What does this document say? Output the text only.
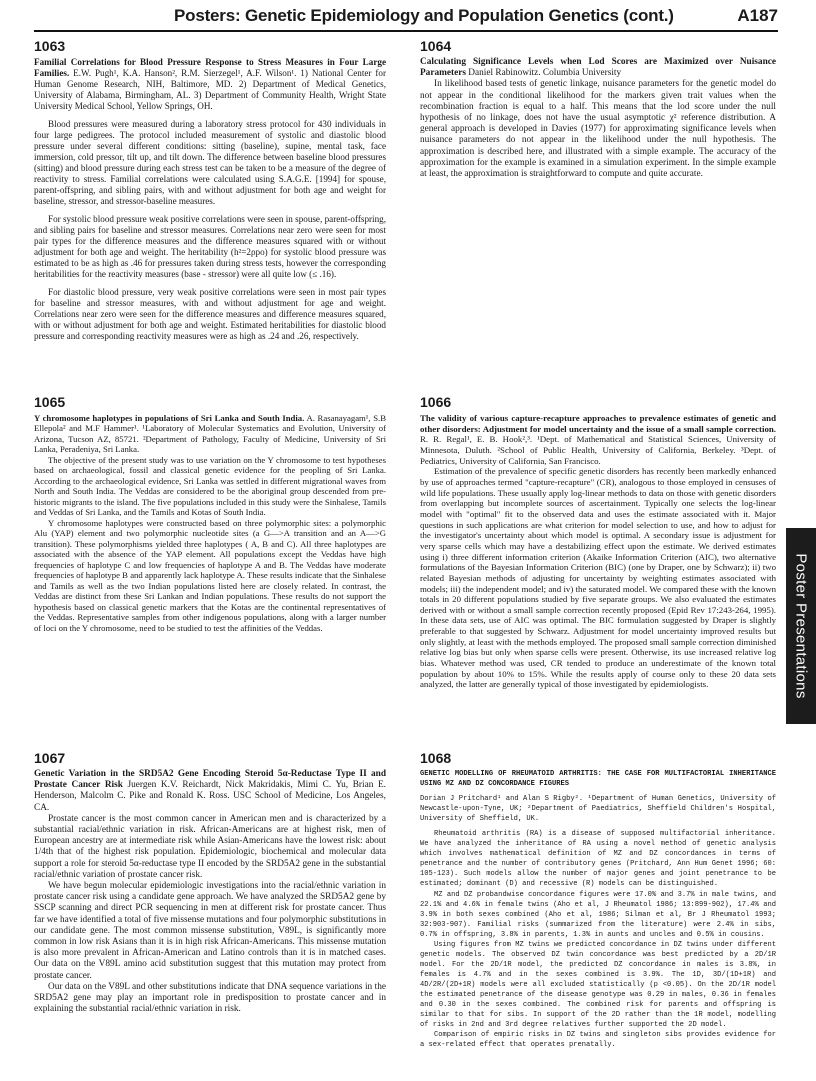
Posters: Genetic Epidemiology and Population Genetics (cont.)	A187
1063
Familial Correlations for Blood Pressure Response to Stress Measures in Four Large Families. E.W. Pugh¹, K.A. Hanson², R.M. Sierzegel¹, A.F. Wilson¹. 1) National Center for Human Genome Research, NIH, Baltimore, MD. 2) Department of Medical Genetics, University of Alabama, Birmingham, AL. 3) Department of Community Health, Wright State University Medical School, Yellow Springs, OH.

Blood pressures were measured during a laboratory stress protocol for 430 individuals in four large pedigrees. The protocol included measurement of systolic and diastolic blood pressure under several different conditions: sitting (baseline), supine, mental task, face immersion, cold pressor, tilt up, and tilt down. The difference between baseline blood pressures (sitting) and blood pressure during each stress test can be taken to be a measure of the degree of reactivity to stress. Familial correlations were calculated using S.A.G.E. [1994] for spouse, parent-offspring, and sibling pairs, with and without adjustment for both age and weight for baseline, stressor, and stressor-baseline measures.

For systolic blood pressure weak positive correlations were seen in spouse, parent-offspring, and sibling pairs for baseline and stressor measures. Correlations near zero were seen for most pair types for the difference measures and the difference measures squared with or without adjustment for both age and weight. The heritability (h²=2ρpo) for systolic blood pressure was estimated to be as high as .46 for pressures taken during stress tests, however the corresponding heritabilities for the reactivity measures (base - stressor) were all quite low (≤ .16).

For diastolic blood pressure, very weak positive correlations were seen in most pair types for baseline and stressor measures, with and without adjustment for age and weight. Correlations near zero were seen for the difference measures and difference measures squared, with or without adjustment for both age and weight. Estimated heritabilities for diastolic blood pressure and corresponding reactivity measures were as high as .24 and .26, respectively.

1064
Calculating Significance Levels when Lod Scores are Maximized over Nuisance Parameters Daniel Rabinowitz. Columbia University

In likelihood based tests of genetic linkage, nuisance parameters for the genetic model do not appear in the conditional likelihood for the markers given trait values when the recombination fraction is equal to a half. This means that the lod score under the null hypothesis of no linkage, does not have the usual asymptotic χ² reference distribution. A general approach is developed in Davies (1977) for approximating significance levels when nuisance parameters do not appear in the likelihood under the null hypothesis. The approximation is described here, and illustrated with a simple example. The accuracy of the approximation for the example is examined in a simulation experiment. In the simple example at least, the approximation is straightforward to compute and quite accurate.

1065
Y chromosome haplotypes in populations of Sri Lanka and South India. A. Rasanayagam¹, S.B Ellepola² and M.F Hammer¹. ¹Laboratory of Molecular Systematics and Evolution, University of Arizona, Tucson AZ, 85721. ²Department of Pathology, Faculty of Medicine, University of Sri Lanka, Peradeniya, Sri Lanka.

The objective of the present study was to use variation on the Y chromosome to test hypotheses based on archaeological, fossil and classical genetic evidence for the peopling of Sri Lanka. According to the archaeological evidence, Sri Lanka was settled in different migrational waves from North and South India. The Veddas are considered to be the aboriginal group descended from pre-historic migrants to the island. The five populations included in this study were the Sinhalese, Tamils and Veddas of Sri Lanka, and the Tamils and Kotas of South India.

Y chromosome haplotypes were constructed based on three polymorphic sites: a polymorphic Alu (YAP) element and two polymorphic nucleotide sites (a G—>A transition and an A—>G transition). These polymorphisms yielded three haplotypes ( A, B and C). All three haplotypes are associated with the absence of the YAP element. All populations except the Veddas have high frequencies of haplotype C and low frequencies of haplotype A and B. The Veddas have moderate frequencies of haplotype B and apparently lack haplotype A. These results indicate that the Sinhalese and Tamils as well as the two Indian populations listed here are closely related. In contrast, the Veddas are distinct from these Sri Lankan and Indian populations. These results do not support the hypothesis based on classical genetic markers that the Kotas are the continental representatives of the Veddas. Representative samples from other indigenous populations, along with a larger number of loci on the Y chromosome, need to be studied to test the affinities of the Veddas.

1066
The validity of various capture-recapture approaches to prevalence estimates of genetic and other disorders: Adjustment for model uncertainty and the issue of a small sample correction. R. R. Regal¹, E. B. Hook²,³. ¹Dept. of Mathematical and Statistical Sciences, University of Minnesota, Duluth. ²School of Public Health, University of California, Berkeley. ³Dept. of Pediatrics, University of California, San Francisco.

Estimation of the prevalence of specific genetic disorders has recently been markedly enhanced by use of approaches termed "capture-recapture" (CR), analogous to those employed in censuses of wild life populations. These usually apply log-linear methods to data on those with genetic disorders from overlapping but incomplete sources of ascertainment. Typically one selects the log-linear model with "optimal" fit to the observed data and uses the estimate associated with it. Major questions in such applications are what criterion for model selection to use, and how to adjust for the investigator's uncertainty about which model is optimal. A secondary issue is adjustment for very sparse cells which may have a destabilizing effect upon the estimate. We derived estimates using i) three different information criterion (Akaike Information Criterion (AIC), two alternative formulations of the Bayesian Information Criterion (BIC) (one by Draper, one by Schwarz); ii) two related Bayesian methods of adjusting for uncertainty by weighting estimates associated with models; iii) the independent model; and iv) the saturated model. We compared these with the known totals in 20 different populations studied by five separate groups. We also evaluated the estimates derived with or without a small sample correction recently proposed (Epid Rev 17:243-264, 1995). In these data sets, use of AIC was optimal. The BIC formulation suggested by Draper is slightly preferable to that suggested by Schwarz. Adjustment for model uncertainty improved results but only slightly, at least with the methods employed. The proposed small sample correction diminished relative log bias but only when sparse cells were present. Otherwise, its use increased relative log bias. Whatever method was used, CR tended to produce an underestimate of the known total population by about 10% to 15%. While the results apply of course only to these 20 data sets analyzed, the latter are generally typical of those investigated by epidemiologists.

1067
Genetic Variation in the SRD5A2 Gene Encoding Steroid 5α-Reductase Type II and Prostate Cancer Risk Juergen K.V. Reichardt, Nick Makridakis, Mimi C. Yu, Brian E. Henderson, Malcolm C. Pike and Ronald K. Ross. USC School of Medicine, Los Angeles, CA.

Prostate cancer is the most common cancer in American men and is characterized by a substantial racial/ethnic variation in risk. African-Americans are at highest risk, men of European ancestry are at intermediate risk while Asian-Americans have the lowest risk: about 1/4th that of the highest risk population. Epidemiologic, biochemical and molecular data support a role for steroid 5α-reductase type II encoded by the SRD5A2 gene in the substantial racial/ethnic variation of prostate cancer risk.

We have begun molecular epidemiologic investigations into the racial/ethnic variation in prostate cancer risk using a candidate gene approach. We have analyzed the SRD5A2 gene by SSCP scanning and direct PCR sequencing in men at different risk for prostate cancer. Thus far we have identified a total of five missense mutations and four polymorphic substitutions in our candidate gene. The most common missense substitution, V89L, is significantly more common in low risk Asians than it is in high risk African-Americans. This missense mutation is also more prevalent in African-American and Latino controls than it is in matched cases. Our data on the V89L amino acid substitution suggest that this mutation may protect from prostate cancer.

Our data on the V89L and other substitutions indicate that DNA sequence variations in the SRD5A2 gene may play an important role in predisposition to prostate cancer and in explaining the substantial racial/ethnic variation in risk.

1068
GENETIC MODELLING OF RHEUMATOID ARTHRITIS: THE CASE FOR MULTIFACTORIAL INHERITANCE USING MZ AND DZ CONCORDANCE FIGURES
Dorian J Pritchard¹ and Alan S Rigby². ¹Department of Human Genetics, University of Newcastle-upon-Tyne, UK; ²Department of Paediatrics, Sheffield Children's Hospital, University of Sheffield, UK.

Rheumatoid arthritis (RA) is a disease of supposed multifactorial inheritance. We have analyzed the inheritance of RA using a novel method of genetic analysis which involves mathematical definition of MZ and DZ concordances in terms of penetrance and the number of contributory genes (Pritchard, Ann Hum Genet 1996; 60: 105-123). Such models allow the number of major genes and joint penetrance to be estimated; dominant (D) and recessive (R) models can be distinguished.

MZ and DZ probandwise concordance figures were 17.0% and 3.7% in male twins, and 22.1% and 4.6% in female twins (Aho et al, J Rheumatol 1986; 13:899-902), 17.4% and 3.9% in both sexes combined (Aho et al, 1986; Silman et al, Br J Rheumatol 1993; 32:903-907). Familial risks (summarized from the literature) were 2.4% in sibs, 0.7% in offspring, 3.8% in parents, 1.3% in aunts and uncles and 0.5% in cousins.

Using figures from MZ twins we predicted concordance in DZ twins under different genetic models. The observed DZ twin concordance was best predicted by a 2D/1R model. For the 2D/1R model, the predicted DZ concordance in males is 3.8%, in females is 4.7% and in the sexes combined is 3.9%. The 1D, 3D/(1D+1R) and 4D/2R/(2D+1R) models were all excluded statistically (p <0.05). On the 2D/1R model the estimated penetrance of the disease genotype was 0.29 in males, 0.36 in females and 0.30 in the sexes combined. The combined risk for parents and offspring is similar to that for sibs. In support of the 2D rather than the 1R model, modelling of risks in 2nd and 3rd degree relatives further supported the 2D model.

Comparison of empiric risks in DZ twins and singleton sibs provides evidence for a sex-related effect that operates prenatally.

Poster Presentations
